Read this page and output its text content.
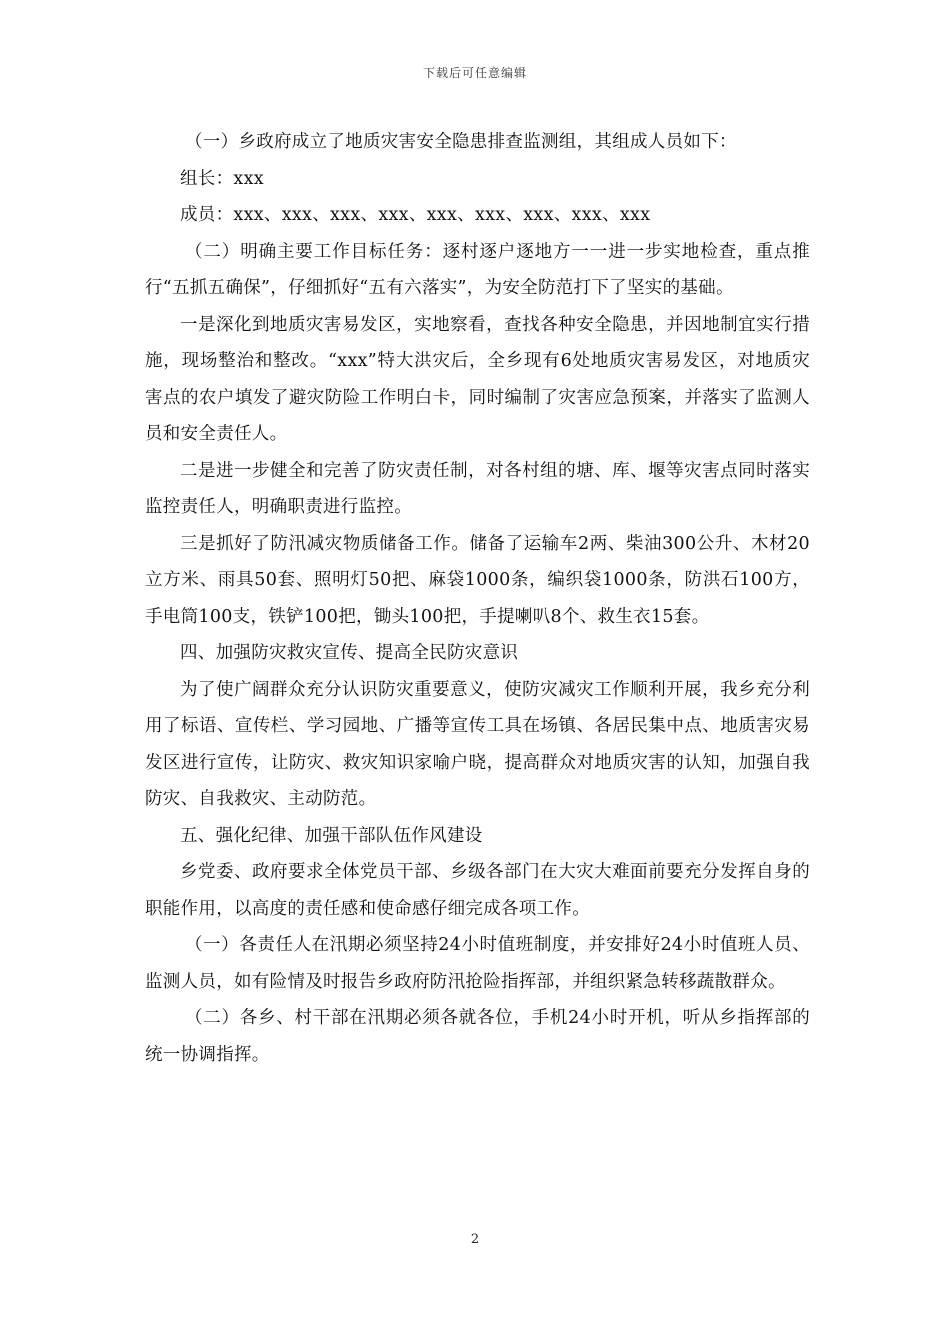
下载后可任意编辑

（一）乡政府成立了地质灾害安全隐患排查监测组，其组成人员如下：

组长：xxx

成员：xxx、xxx、xxx、xxx、xxx、xxx、xxx、xxx、xxx

（二）明确主要工作目标任务：逐村逐户逐地方一一进一步实地检查，重点推行“五抓五确保”，仔细抓好“五有六落实”，为安全防范打下了坚实的基础。

一是深化到地质灾害易发区，实地察看，查找各种安全隐患，并因地制宜实行措施，现场整治和整改。“xxx”特大洪灾后，全乡现有6处地质灾害易发区，对地质灾害点的农户填发了避灾防险工作明白卡，同时编制了灾害应急预案，并落实了监测人员和安全责任人。

二是进一步健全和完善了防灾责任制，对各村组的塘、库、堰等灾害点同时落实监控责任人，明确职责进行监控。

三是抓好了防汛减灾物质储备工作。储备了运输车2两、柴油300公升、木材20立方米、雨具50套、照明灯50把、麻袋1000条，编织袋1000条，防洪石100方，手电筒100支，铁铲100把，锄头100把，手提喇叭8个、救生衣15套。

四、加强防灾救灾宣传、提高全民防灾意识

为了使广阔群众充分认识防灾重要意义，使防灾减灾工作顺利开展，我乡充分利用了标语、宣传栏、学习园地、广播等宣传工具在场镇、各居民集中点、地质害灾易发区进行宣传，让防灾、救灾知识家喻户晓，提高群众对地质灾害的认知，加强自我防灾、自我救灾、主动防范。

五、强化纪律、加强干部队伍作风建设

乡党委、政府要求全体党员干部、乡级各部门在大灾大难面前要充分发挥自身的职能作用，以高度的责任感和使命感仔细完成各项工作。

（一）各责任人在汛期必须坚持24小时值班制度，并安排好24小时值班人员、监测人员，如有险情及时报告乡政府防汛抢险指挥部，并组织紧急转移蔬散群众。

（二）各乡、村干部在汛期必须各就各位，手机24小时开机，听从乡指挥部的统一协调指挥。

2
